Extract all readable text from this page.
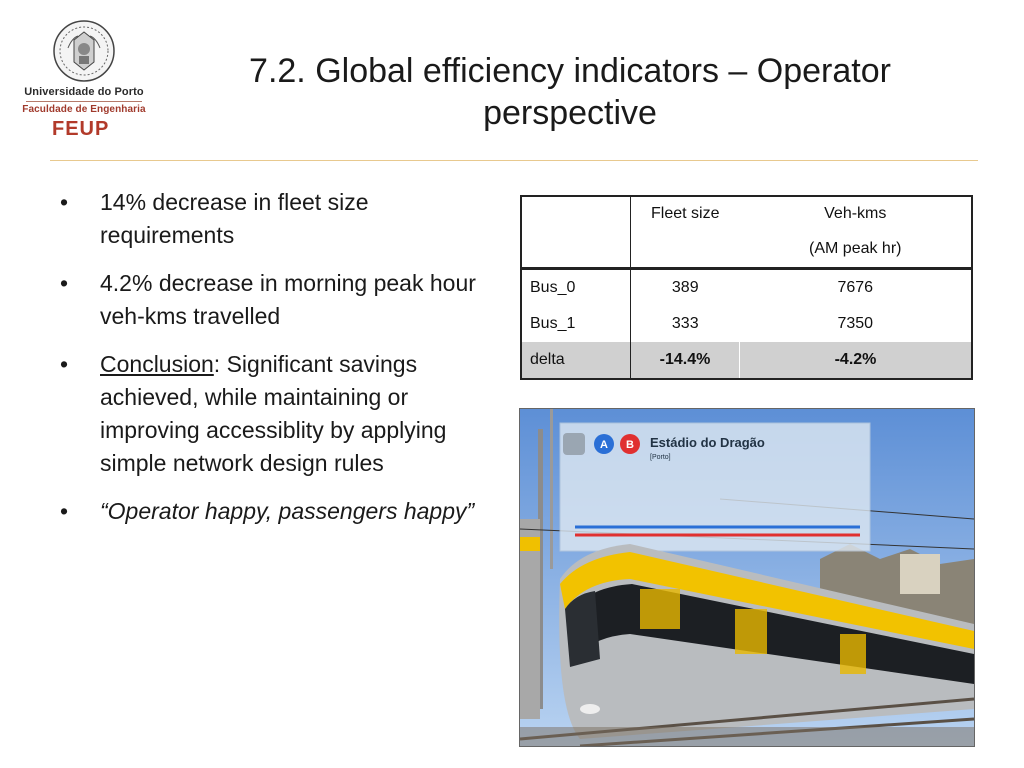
Universidade do Porto
Faculdade de Engenharia
FEUP
7.2. Global efficiency indicators – Operator perspective
• 14% decrease in fleet size requirements
• 4.2% decrease in morning peak hour veh-kms travelled
• Conclusion: Significant savings achieved, while maintaining or improving accessiblity by applying simple network design rules
• “Operator happy, passengers happy”
	Fleet size	Veh-kms
		(AM peak hr)
Bus_0	389	7676
Bus_1	333	7350
delta	-14.4%	-4.2%
A B Estádio do Dragão
[Porto]
